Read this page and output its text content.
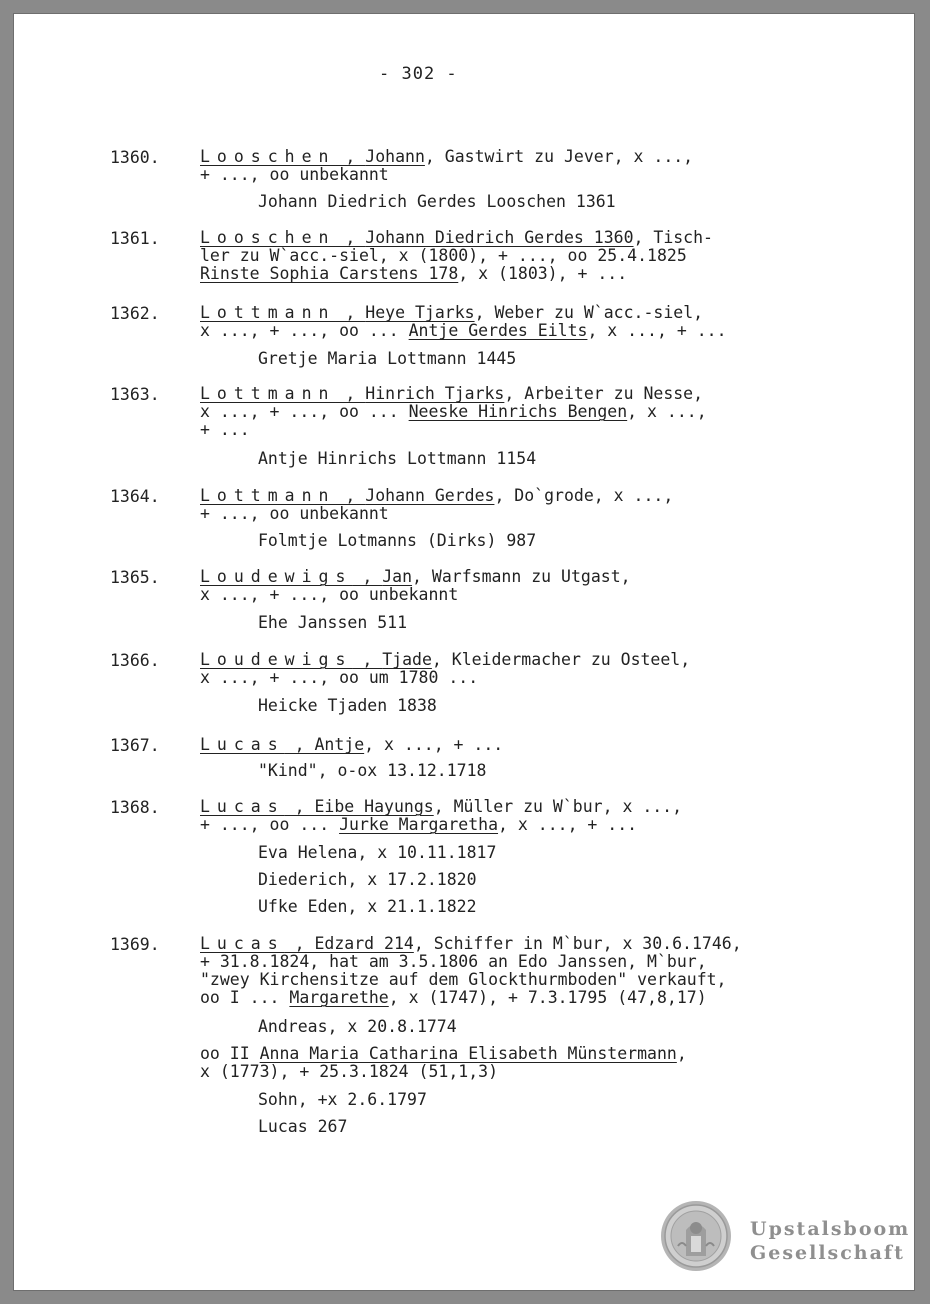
- 302 -
1360. Looschen , Johann, Gastwirt zu Jever, x ...,
+ ..., oo unbekannt
Johann Diedrich Gerdes Looschen 1361
1361. Looschen , Johann Diedrich Gerdes 1360, Tisch-
ler zu W`acc.-siel, x (1800), + ..., oo 25.4.1825
Rinste Sophia Carstens 178, x (1803), + ...
1362. Lottmann , Heye Tjarks, Weber zu W`acc.-siel,
x ..., + ..., oo ... Antje Gerdes Eilts, x ..., + ...
Gretje Maria Lottmann 1445
1363. Lottmann , Hinrich Tjarks, Arbeiter zu Nesse,
x ..., + ..., oo ... Neeske Hinrichs Bengen, x ...,
+ ...
Antje Hinrichs Lottmann 1154
1364. Lottmann , Johann Gerdes, Do`grode, x ...,
+ ..., oo unbekannt
Folmtje Lotmanns (Dirks) 987
1365. Loudewigs , Jan, Warfsmann zu Utgast,
x ..., + ..., oo unbekannt
Ehe Janssen 511
1366. Loudewigs , Tjade, Kleidermacher zu Osteel,
x ..., + ..., oo um 1780 ...
Heicke Tjaden 1838
1367. Lucas , Antje, x ..., + ...
"Kind", o-ox 13.12.1718
1368. Lucas , Eibe Hayungs, Müller zu W`bur, x ...,
+ ..., oo ... Jurke Margaretha, x ..., + ...
Eva Helena, x 10.11.1817
Diederich, x 17.2.1820
Ufke Eden, x 21.1.1822
1369. Lucas , Edzard 214, Schiffer in M`bur, x 30.6.1746,
+ 31.8.1824, hat am 3.5.1806 an Edo Janssen, M`bur,
"zwey Kirchensitze auf dem Glockthurmboden" verkauft,
oo I ... Margarethe, x (1747), + 7.3.1795 (47,8,17)
Andreas, x 20.8.1774
oo II Anna Maria Catharina Elisabeth Münstermann,
x (1773), + 25.3.1824 (51,1,3)
Sohn, +x 2.6.1797
Lucas 267
Upstalsboom
Gesellschaft
